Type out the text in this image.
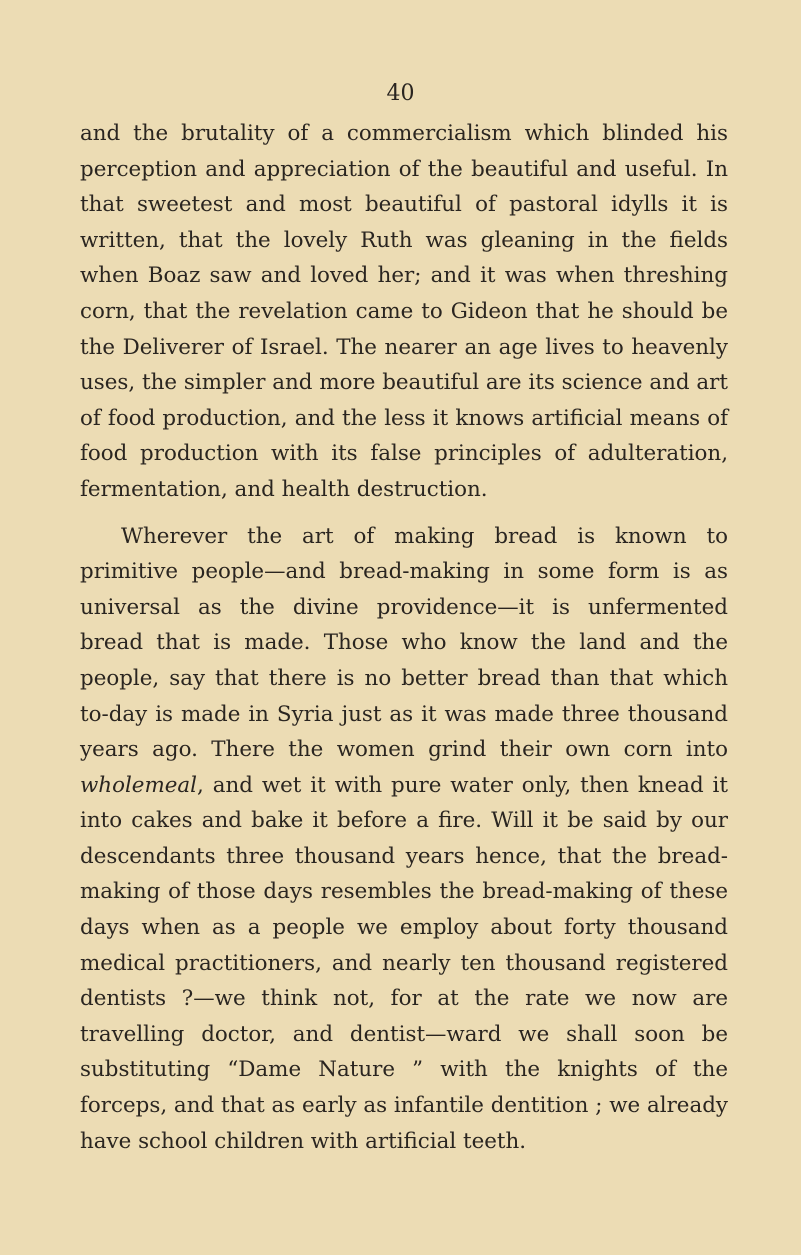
40

and the brutality of a commercialism which blinded his perception and appreciation of the beautiful and useful. In that sweetest and most beautiful of pastoral idylls it is written, that the lovely Ruth was gleaning in the fields when Boaz saw and loved her; and it was when threshing corn, that the revelation came to Gideon that he should be the Deliverer of Israel. The nearer an age lives to heavenly uses, the simpler and more beautiful are its science and art of food production, and the less it knows artificial means of food production with its false principles of adulteration, fermentation, and health destruction.

Wherever the art of making bread is known to primitive people—and bread-making in some form is as universal as the divine providence—it is unfermented bread that is made. Those who know the land and the people, say that there is no better bread than that which to-day is made in Syria just as it was made three thousand years ago. There the women grind their own corn into wholemeal, and wet it with pure water only, then knead it into cakes and bake it before a fire. Will it be said by our descendants three thousand years hence, that the bread-making of those days resembles the bread-making of these days when as a people we employ about forty thousand medical practitioners, and nearly ten thousand registered dentists ?—we think not, for at the rate we now are travelling doctor, and dentist—ward we shall soon be substituting “Dame Nature ” with the knights of the forceps, and that as early as infantile dentition ; we already have school children with artificial teeth.
